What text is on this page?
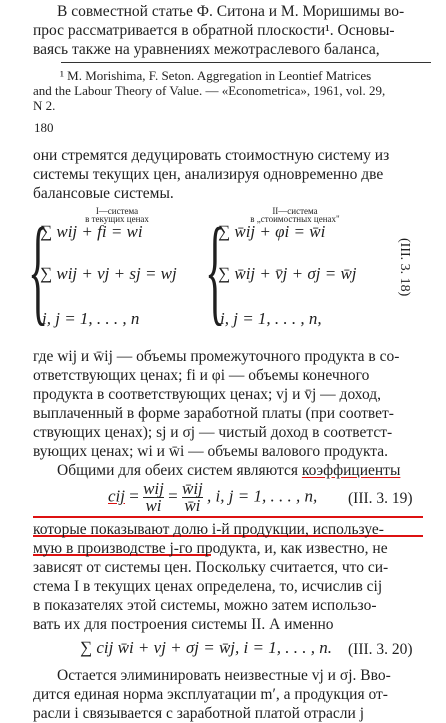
В совместной статье Ф. Ситона и М. Моришимы во-
прос рассматривается в обратной плоскости¹. Основы-
ваясь также на уравнениях межотраслевого баланса,
¹ M. Morishima, F. Seton. Aggregation in Leontief Matrices
and the Labour Theory of Value. — «Econometrica», 1961, vol. 29,
N 2.
180
они стремятся дедуцировать стоимостную систему из
системы текущих цен, анализируя одновременно две
балансовые системы.
I—система
в текущих ценах
II—система
в „стоимостных ценах"
{ {
∑ wij + fi = wi
∑ wij + vj + sj = wj
i, j = 1, . . . , n
∑ w̄ij + φi = w̄i
∑ w̄ij + v̄j + σj = w̄j
i, j = 1, . . . , n,
(III. 3. 18)
где wij и w̄ij — объемы промежуточного продукта в со-
ответствующих ценах; fi и φi — объемы конечного
продукта в соответствующих ценах; vj и v̄j — доход,
выплаченный в форме заработной платы (при соответ-
ствующих ценах); sj и σj — чистый доход в соответст-
вующих ценах; wi и w̄i — объемы валового продукта.
Общими для обеих систем являются коэффициенты
cij = $\frac{\text{wij}}{wi} = \frac{w̄ij}{w̄i}$ , i, j = 1, . . . , n, (III. 3. 19)
которые показывают долю i-й продукции, используе-
мую в производстве j-го продукта, и, как известно, не
зависят от системы цен. Поскольку считается, что си-
стема I в текущих ценах определена, то, исчислив cij
в показателях этой системы, можно затем использо-
вать их для построения системы II. А именно
∑ cij w̄i + vj + σj = w̄j, i = 1, . . . , n. (III. 3. 20)
Остается элиминировать неизвестные vj и σj. Вво-
дится единая норма эксплуатации m′, а продукция от-
расли i связывается с заработной платой отрасли j
